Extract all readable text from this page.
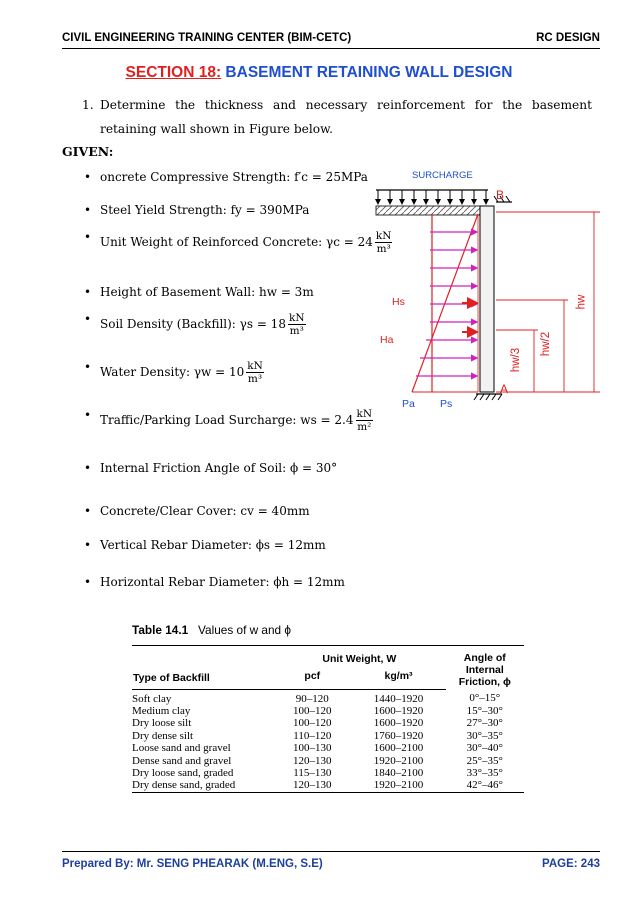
CIVIL ENGINEERING TRAINING CENTER (BIM-CETC)	RC DESIGN
SECTION 18: BASEMENT RETAINING WALL DESIGN
1. Determine the thickness and necessary reinforcement for the basement retaining wall shown in Figure below.
GIVEN:
• oncrete Compressive Strength: f′c = 25MPa
• Steel Yield Strength: fy = 390MPa
• Unit Weight of Reinforced Concrete: $\gamma c = 24 \frac{kN}{\text{m³}}$
• Height of Basement Wall: hw = 3m
• Soil Density (Backfill): $\gamma s = 18 \frac{kN}{\text{m³}}$
• Water Density: $\gamma w = 10 \frac{kN}{\text{m³}}$
• Traffic/Parking Load Surcharge: ws = $2.4 \frac{kN}{\text{m²}}$
• Internal Friction Angle of Soil: ϕ = 30°
• Concrete/Clear Cover: cv = 40mm
• Vertical Rebar Diameter: ϕs = 12mm
• Horizontal Rebar Diameter: ϕh = 12mm
SURCHARGE
B
A
Hs
Ha
Pa Ps
hw
hw/2
hw/3
Table 14.1 Values of w and ϕ
	Unit Weight, W		Angle of Internal Friction, ϕ
Type of Backfill	pcf	kg/m³	
Soft clay	90–120	1440–1920	0°–15°
Medium clay	100–120	1600–1920	15°–30°
Dry loose silt	100–120	1600–1920	27°–30°
Dry dense silt	110–120	1760–1920	30°–35°
Loose sand and gravel	100–130	1600–2100	30°–40°
Dense sand and gravel	120–130	1920–2100	25°–35°
Dry loose sand, graded	115–130	1840–2100	33°–35°
Dry dense sand, graded	120–130	1920–2100	42°–46°
Prepared By: Mr. SENG PHEARAK (M.ENG, S.E)	PAGE: 243
